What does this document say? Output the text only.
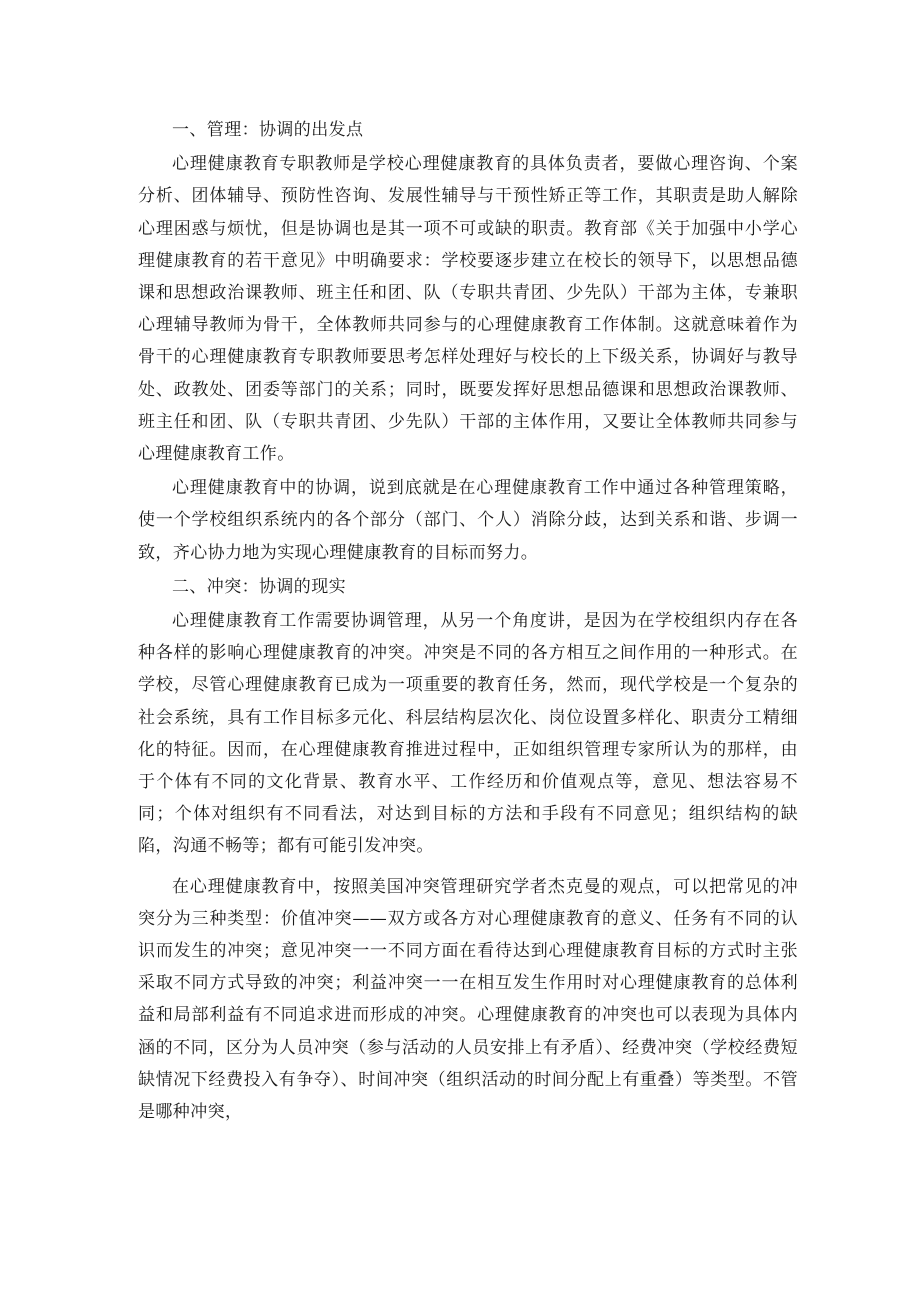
一、管理：协调的出发点

心理健康教育专职教师是学校心理健康教育的具体负责者，要做心理咨询、个案分析、团体辅导、预防性咨询、发展性辅导与干预性矫正等工作，其职责是助人解除心理困惑与烦忧，但是协调也是其一项不可或缺的职责。教育部《关于加强中小学心理健康教育的若干意见》中明确要求：学校要逐步建立在校长的领导下，以思想品德课和思想政治课教师、班主任和团、队（专职共青团、少先队）干部为主体，专兼职心理辅导教师为骨干，全体教师共同参与的心理健康教育工作体制。这就意味着作为骨干的心理健康教育专职教师要思考怎样处理好与校长的上下级关系，协调好与教导处、政教处、团委等部门的关系；同时，既要发挥好思想品德课和思想政治课教师、班主任和团、队（专职共青团、少先队）干部的主体作用，又要让全体教师共同参与心理健康教育工作。

心理健康教育中的协调，说到底就是在心理健康教育工作中通过各种管理策略，使一个学校组织系统内的各个部分（部门、个人）消除分歧，达到关系和谐、步调一致，齐心协力地为实现心理健康教育的目标而努力。

二、冲突：协调的现实

心理健康教育工作需要协调管理，从另一个角度讲，是因为在学校组织内存在各种各样的影响心理健康教育的冲突。冲突是不同的各方相互之间作用的一种形式。在学校，尽管心理健康教育已成为一项重要的教育任务，然而，现代学校是一个复杂的社会系统，具有工作目标多元化、科层结构层次化、岗位设置多样化、职责分工精细化的特征。因而，在心理健康教育推进过程中，正如组织管理专家所认为的那样，由于个体有不同的文化背景、教育水平、工作经历和价值观点等，意见、想法容易不同；个体对组织有不同看法，对达到目标的方法和手段有不同意见；组织结构的缺陷，沟通不畅等；都有可能引发冲突。

在心理健康教育中，按照美国冲突管理研究学者杰克曼的观点，可以把常见的冲突分为三种类型：价值冲突——双方或各方对心理健康教育的意义、任务有不同的认识而发生的冲突；意见冲突一一不同方面在看待达到心理健康教育目标的方式时主张采取不同方式导致的冲突；利益冲突一一在相互发生作用时对心理健康教育的总体利益和局部利益有不同追求进而形成的冲突。心理健康教育的冲突也可以表现为具体内涵的不同，区分为人员冲突（参与活动的人员安排上有矛盾）、经费冲突（学校经费短缺情况下经费投入有争夺）、时间冲突（组织活动的时间分配上有重叠）等类型。不管是哪种冲突，
